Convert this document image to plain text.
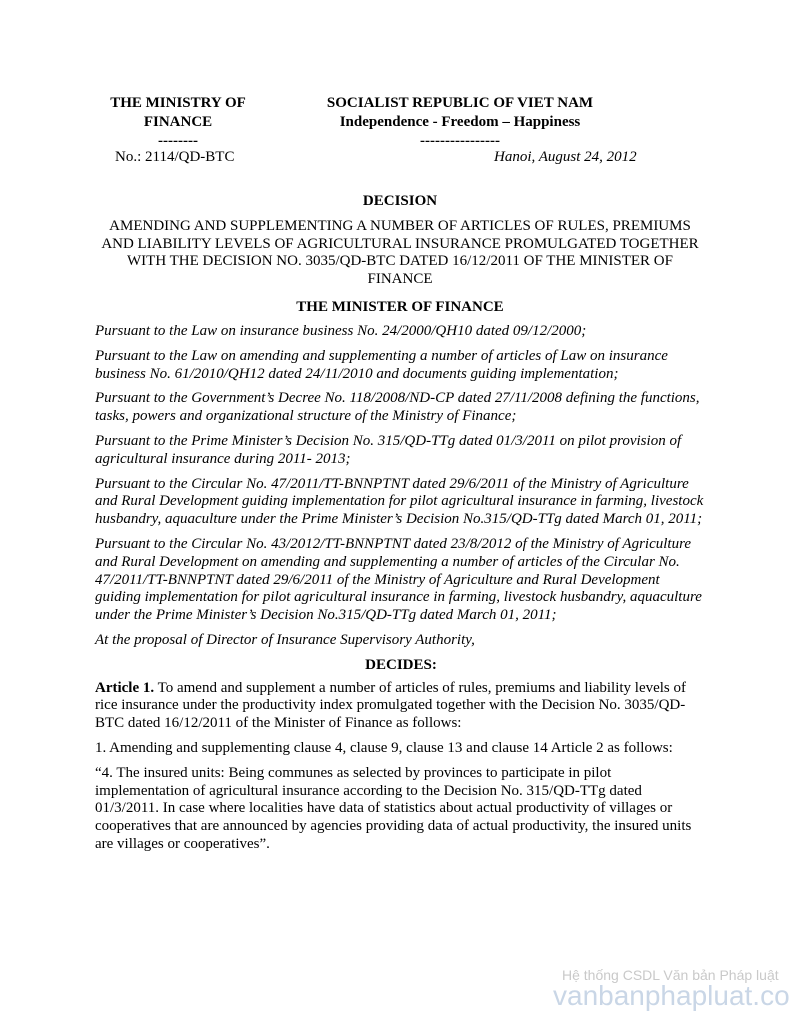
THE MINISTRY OF
FINANCE
--------
SOCIALIST REPUBLIC OF VIET NAM
Independence - Freedom – Happiness
----------------
No.: 2114/QD-BTC	Hanoi, August 24, 2012
DECISION
AMENDING AND SUPPLEMENTING A NUMBER OF ARTICLES OF RULES, PREMIUMS AND LIABILITY LEVELS OF AGRICULTURAL INSURANCE PROMULGATED TOGETHER WITH THE DECISION NO. 3035/QD-BTC DATED 16/12/2011 OF THE MINISTER OF FINANCE
THE MINISTER OF FINANCE

Pursuant to the Law on insurance business No. 24/2000/QH10 dated 09/12/2000;

Pursuant to the Law on amending and supplementing a number of articles of Law on insurance business No. 61/2010/QH12 dated 24/11/2010 and documents guiding implementation;

Pursuant to the Government’s Decree No. 118/2008/ND-CP dated 27/11/2008 defining the functions, tasks, powers and organizational structure of the Ministry of Finance;

Pursuant to the Prime Minister’s Decision No. 315/QD-TTg dated 01/3/2011 on pilot provision of agricultural insurance during 2011- 2013;

Pursuant to the Circular No. 47/2011/TT-BNNPTNT dated 29/6/2011 of the Ministry of Agriculture and Rural Development guiding implementation for pilot agricultural insurance in farming, livestock husbandry, aquaculture under the Prime Minister’s Decision No.315/QD-TTg dated March 01, 2011;

Pursuant to the Circular No. 43/2012/TT-BNNPTNT dated 23/8/2012 of the Ministry of Agriculture and Rural Development on amending and supplementing a number of articles of the Circular No. 47/2011/TT-BNNPTNT dated 29/6/2011 of the Ministry of Agriculture and Rural Development guiding implementation for pilot agricultural insurance in farming, livestock husbandry, aquaculture under the Prime Minister’s Decision No.315/QD-TTg dated March 01, 2011;

At the proposal of Director of Insurance Supervisory Authority,

DECIDES:

Article 1. To amend and supplement a number of articles of rules, premiums and liability levels of rice insurance under the productivity index promulgated together with the Decision No. 3035/QD-BTC dated 16/12/2011 of the Minister of Finance as follows:

1. Amending and supplementing clause 4, clause 9, clause 13 and clause 14 Article 2 as follows:

“4. The insured units: Being communes as selected by provinces to participate in pilot implementation of agricultural insurance according to the Decision No. 315/QD-TTg dated 01/3/2011. In case where localities have data of statistics about actual productivity of villages or cooperatives that are announced by agencies providing data of actual productivity, the insured units are villages or cooperatives”.

Hệ thống CSDL Văn bản Pháp luật
vanbanphapluat.co
